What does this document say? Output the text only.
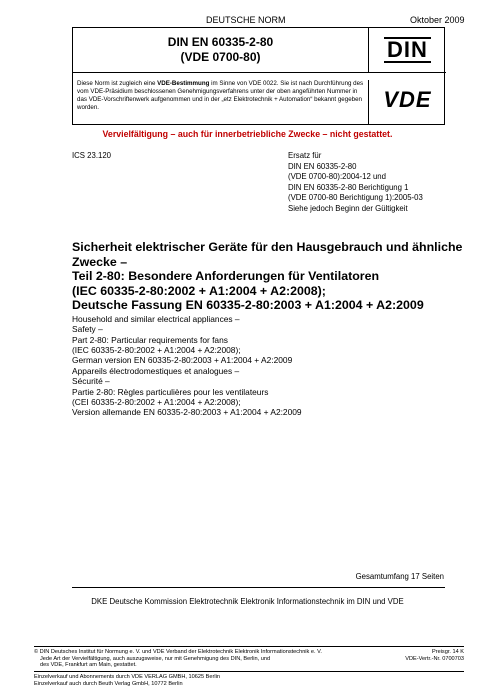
DEUTSCHE NORM	Oktober 2009
DIN EN 60335-2-80
(VDE 0700-80)	DIN
Diese Norm ist zugleich eine VDE-Bestimmung im Sinne von VDE 0022. Sie ist nach Durchführung des vom VDE-Präsidium beschlossenen Genehmigungsverfahrens unter der oben angeführten Nummer in das VDE-Vorschriftenwerk aufgenommen und in der „etz Elektrotechnik + Automation“ bekannt gegeben worden.	VDE
Vervielfältigung – auch für innerbetriebliche Zwecke – nicht gestattet.
ICS 23.120	Ersatz für
DIN EN 60335-2-80
(VDE 0700-80):2004-12 und
DIN EN 60335-2-80 Berichtigung 1
(VDE 0700-80 Berichtigung 1):2005-03
Siehe jedoch Beginn der Gültigkeit
Sicherheit elektrischer Geräte für den Hausgebrauch und ähnliche
Zwecke –
Teil 2-80: Besondere Anforderungen für Ventilatoren
(IEC 60335-2-80:2002 + A1:2004 + A2:2008);
Deutsche Fassung EN 60335-2-80:2003 + A1:2004 + A2:2009
Household and similar electrical appliances –
Safety –
Part 2-80: Particular requirements for fans
(IEC 60335-2-80:2002 + A1:2004 + A2:2008);
German version EN 60335-2-80:2003 + A1:2004 + A2:2009
Appareils électrodomestiques et analogues –
Sécurité –
Partie 2-80: Règles particulières pour les ventilateurs
(CEI 60335-2-80:2002 + A1:2004 + A2:2008);
Version allemande EN 60335-2-80:2003 + A1:2004 + A2:2009
Gesamtumfang 17 Seiten
DKE Deutsche Kommission Elektrotechnik Elektronik Informationstechnik im DIN und VDE
© DIN Deutsches Institut für Normung e. V. und VDE Verband der Elektrotechnik Elektronik Informationstechnik e. V.
Jede Art der Vervielfältigung, auch auszugsweise, nur mit Genehmigung des DIN, Berlin, und
des VDE, Frankfurt am Main, gestattet.
Preisgr. 14 K
VDE-Vertr.-Nr. 0700703
Einzelverkauf und Abonnements durch VDE VERLAG GMBH, 10625 Berlin
Einzelverkauf auch durch Beuth Verlag GmbH, 10772 Berlin
